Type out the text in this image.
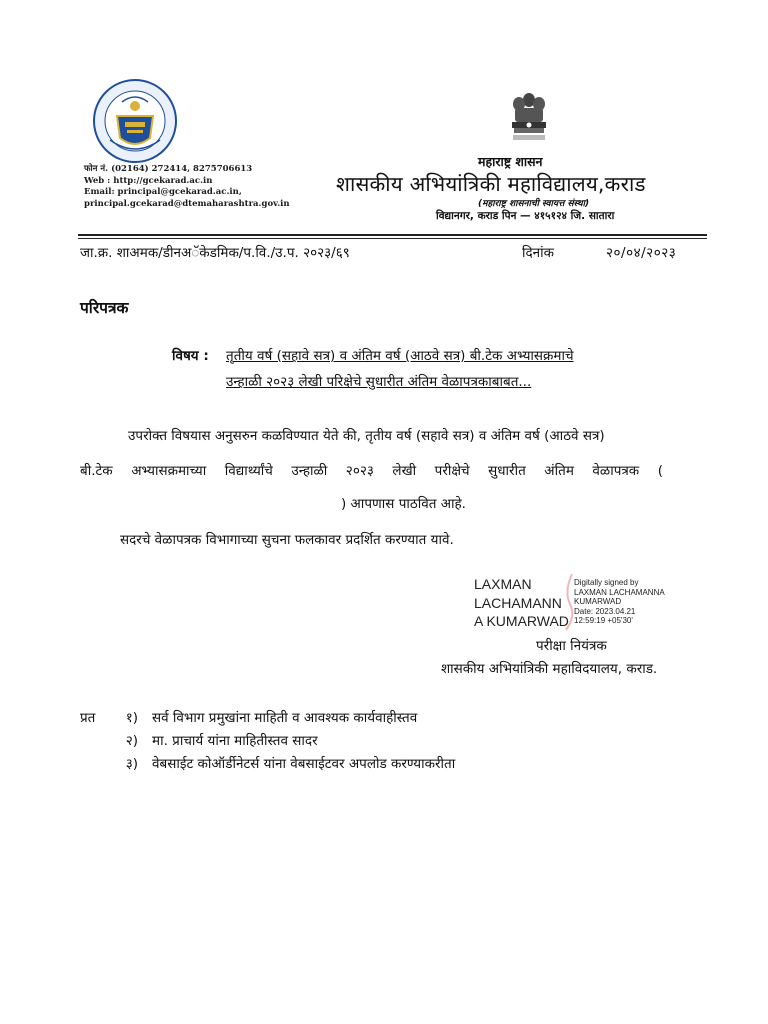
फोन नं. (02164) 272414, 8275706613
Web : http://gcekarad.ac.in
Email: principal@gcekarad.ac.in,
principal.gcekarad@dtemaharashtra.gov.in
महाराष्ट्र शासन
शासकीय अभियांत्रिकी महाविद्यालय,कराड
(महाराष्ट्र शासनाची स्वायत्त संस्था)
विद्यानगर, कराड पिन — ४१५१२४ जि. सातारा
जा.क्र. शाअमक/डीनअॅकेडमिक/प.वि./उ.प. २०२३/६९	दिनांक	२०/०४/२०२३
परिपत्रक
विषय : तृतीय वर्ष (सहावे सत्र) व अंतिम वर्ष (आठवे सत्र) बी.टेक अभ्यासक्रमाचे
उन्हाळी २०२३ लेखी परिक्षेचे सुधारीत अंतिम वेळापत्रकाबाबत...
उपरोक्त विषयास अनुसरुन कळविण्यात येते की, तृतीय वर्ष (सहावे सत्र) व अंतिम वर्ष (आठवे सत्र)
बी.टेक अभ्यासक्रमाच्या विद्यार्थ्यांचे उन्हाळी २०२३ लेखी परीक्षेचे सुधारीत अंतिम वेळापत्रक (
) आपणास पाठवित आहे.
सदरचे वेळापत्रक विभागाच्या सुचना फलकावर प्रदर्शित करण्यात यावे.
LAXMAN
LACHAMANN
A KUMARWAD
Digitally signed by
LAXMAN LACHAMANNA
KUMARWAD
Date: 2023.04.21
12:59:19 +05'30'
परीक्षा नियंत्रक
शासकीय अभियांत्रिकी महाविदयालय, कराड.
प्रत	१) सर्व विभाग प्रमुखांना माहिती व आवश्यक कार्यवाहीस्तव
२) मा. प्राचार्य यांना माहितीस्तव सादर
३) वेबसाईट कोऑर्डीनेटर्स यांना वेबसाईटवर अपलोड करण्याकरीता
